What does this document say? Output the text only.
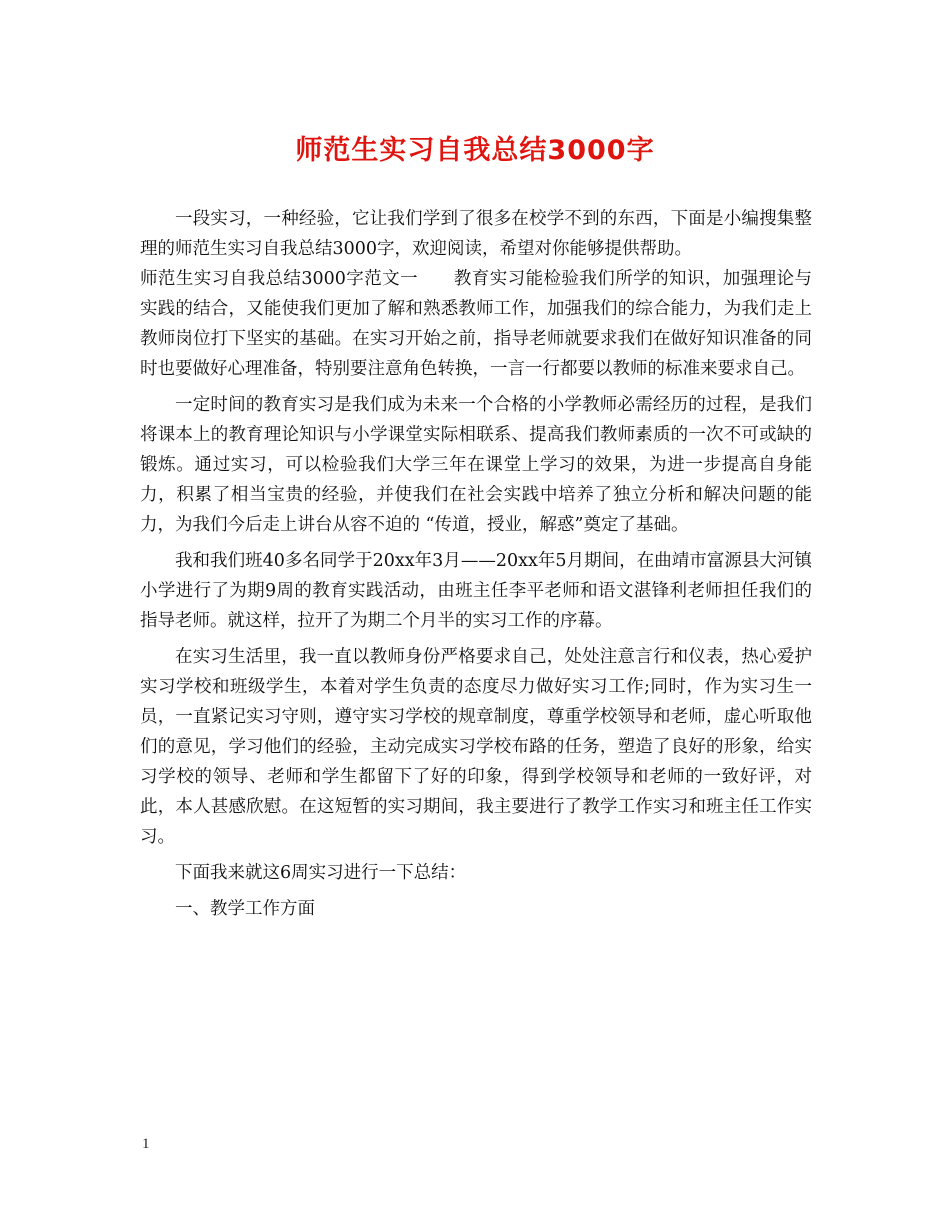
师范生实习自我总结3000字

一段实习，一种经验，它让我们学到了很多在校学不到的东西，下面是小编搜集整理的师范生实习自我总结3000字，欢迎阅读，希望对你能够提供帮助。

师范生实习自我总结3000字范文一　　教育实习能检验我们所学的知识，加强理论与实践的结合，又能使我们更加了解和熟悉教师工作，加强我们的综合能力，为我们走上教师岗位打下坚实的基础。在实习开始之前，指导老师就要求我们在做好知识准备的同时也要做好心理准备，特别要注意角色转换，一言一行都要以教师的标准来要求自己。

一定时间的教育实习是我们成为未来一个合格的小学教师必需经历的过程，是我们将课本上的教育理论知识与小学课堂实际相联系、提高我们教师素质的一次不可或缺的锻炼。通过实习，可以检验我们大学三年在课堂上学习的效果，为进一步提高自身能力，积累了相当宝贵的经验，并使我们在社会实践中培养了独立分析和解决问题的能力，为我们今后走上讲台从容不迫的 “传道，授业，解惑”奠定了基础。

我和我们班40多名同学于20xx年3月——20xx年5月期间，在曲靖市富源县大河镇小学进行了为期9周的教育实践活动，由班主任李平老师和语文湛锋利老师担任我们的指导老师。就这样，拉开了为期二个月半的实习工作的序幕。

在实习生活里，我一直以教师身份严格要求自己，处处注意言行和仪表，热心爱护实习学校和班级学生，本着对学生负责的态度尽力做好实习工作;同时，作为实习生一员，一直紧记实习守则，遵守实习学校的规章制度，尊重学校领导和老师，虚心听取他们的意见，学习他们的经验，主动完成实习学校布路的任务，塑造了良好的形象，给实习学校的领导、老师和学生都留下了好的印象，得到学校领导和老师的一致好评，对此，本人甚感欣慰。在这短暂的实习期间，我主要进行了教学工作实习和班主任工作实习。

下面我来就这6周实习进行一下总结：

一、教学工作方面

1
